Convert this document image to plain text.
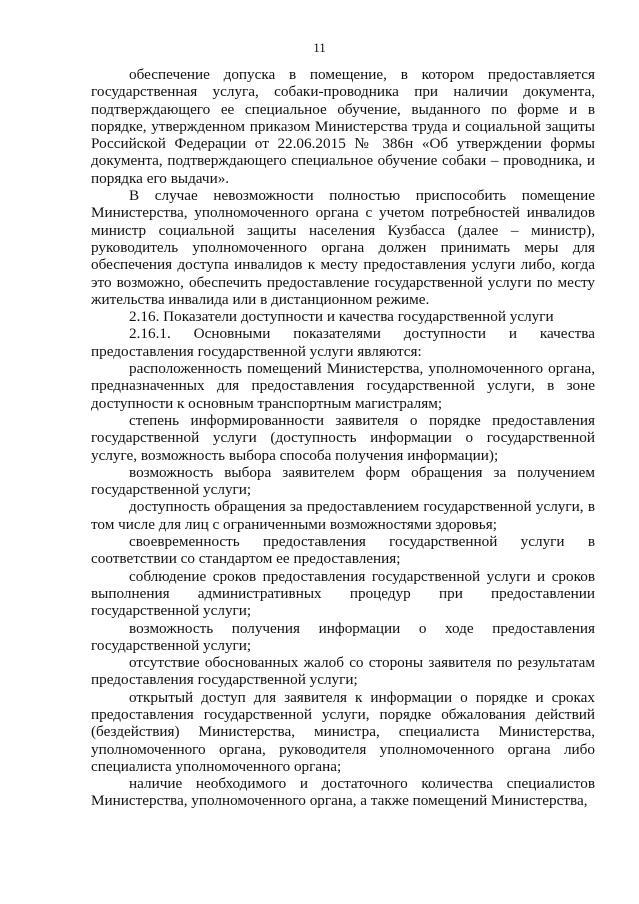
11

обеспечение допуска в помещение, в котором предоставляется государственная услуга, собаки-проводника при наличии документа, подтверждающего ее специальное обучение, выданного по форме и в порядке, утвержденном приказом Министерства труда и социальной защиты Российской Федерации от 22.06.2015 № 386н «Об утверждении формы документа, подтверждающего специальное обучение собаки – проводника, и порядка его выдачи».

В случае невозможности полностью приспособить помещение Министерства, уполномоченного органа с учетом потребностей инвалидов министр социальной защиты населения Кузбасса (далее – министр), руководитель уполномоченного органа должен принимать меры для обеспечения доступа инвалидов к месту предоставления услуги либо, когда это возможно, обеспечить предоставление государственной услуги по месту жительства инвалида или в дистанционном режиме.

2.16. Показатели доступности и качества государственной услуги

2.16.1. Основными показателями доступности и качества предоставления государственной услуги являются:

расположенность помещений Министерства, уполномоченного органа, предназначенных для предоставления государственной услуги, в зоне доступности к основным транспортным магистралям;

степень информированности заявителя о порядке предоставления государственной услуги (доступность информации о государственной услуге, возможность выбора способа получения информации);

возможность выбора заявителем форм обращения за получением государственной услуги;

доступность обращения за предоставлением государственной услуги, в том числе для лиц с ограниченными возможностями здоровья;

своевременность предоставления государственной услуги в соответствии со стандартом ее предоставления;

соблюдение сроков предоставления государственной услуги и сроков выполнения административных процедур при предоставлении государственной услуги;

возможность получения информации о ходе предоставления государственной услуги;

отсутствие обоснованных жалоб со стороны заявителя по результатам предоставления государственной услуги;

открытый доступ для заявителя к информации о порядке и сроках предоставления государственной услуги, порядке обжалования действий (бездействия) Министерства, министра, специалиста Министерства, уполномоченного органа, руководителя уполномоченного органа либо специалиста уполномоченного органа;

наличие необходимого и достаточного количества специалистов Министерства, уполномоченного органа, а также помещений Министерства,
